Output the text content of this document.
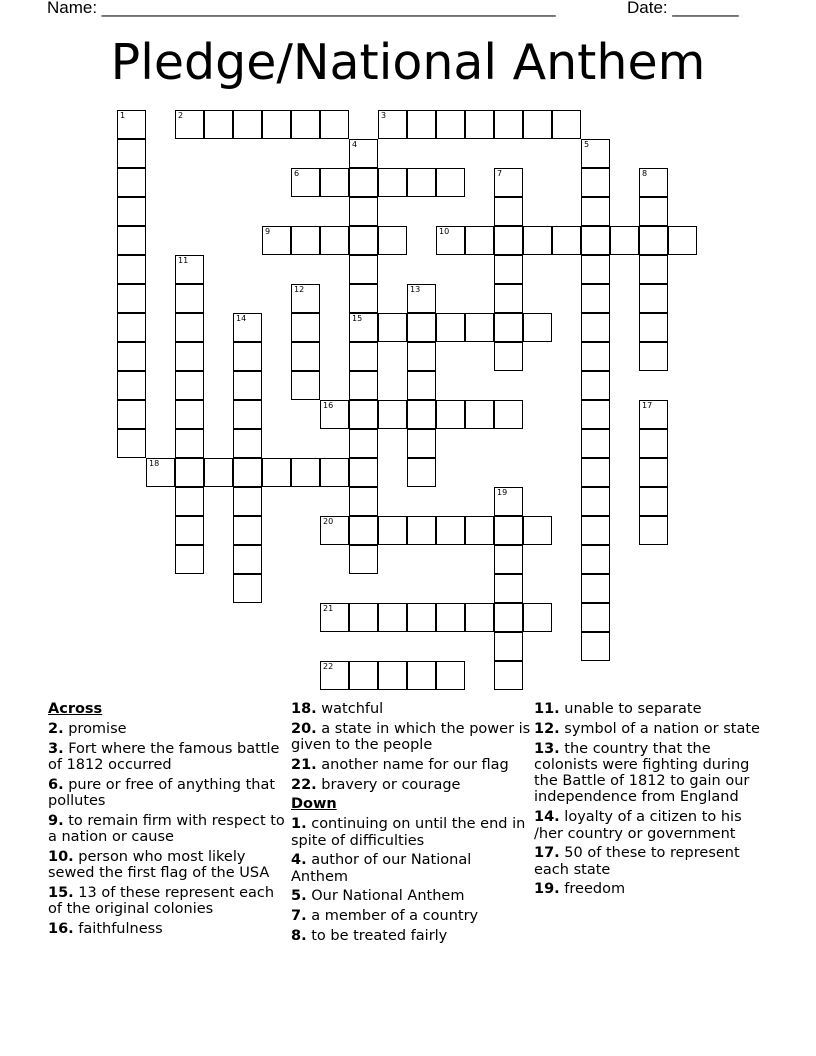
Name: ________________________________________________	Date: _______
Pledge/National Anthem
1	2	3
4
15
5
6	7	8
9	10
11
12	13
14
16	17
18
19
20
21
22
Across
2. promise
3. Fort where the famous battle of 1812 occurred
6. pure or free of anything that pollutes
9. to remain firm with respect to a nation or cause
10. person who most likely sewed the first flag of the USA
15. 13 of these represent each of the original colonies
16. faithfulness
18. watchful
20. a state in which the power is given to the people
21. another name for our flag
22. bravery or courage
Down
1. continuing on until the end in spite of difficulties
4. author of our National Anthem
5. Our National Anthem
7. a member of a country
8. to be treated fairly
11. unable to separate
12. symbol of a nation or state
13. the country that the colonists were fighting during the Battle of 1812 to gain our independence from England
14. loyalty of a citizen to his /her country or government
17. 50 of these to represent each state
19. freedom
